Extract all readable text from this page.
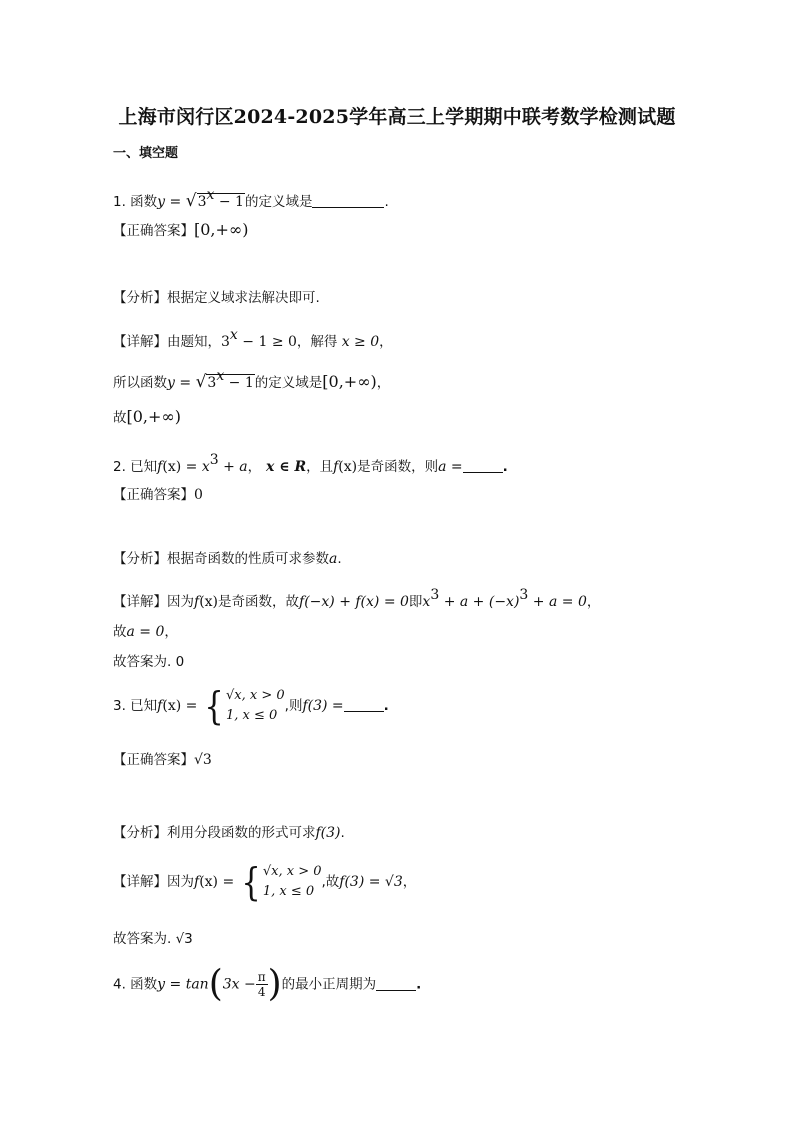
上海市闵行区2024-2025学年高三上学期期中联考数学检测试题
一、填空题
1. 函数$y = √3^x - 1$的定义域是	.
【正确答案】[0,+∞)
【分析】根据定义域求法解决即可.
【详解】由题知，$3^x - 1 \ge 0$，解得 x ≥ 0，
所以函数$y = √3^x - 1$的定义域是[0,+∞)，
故[0,+∞)
2. 已知$f(x) = x^3 + a$， x ∈ R，且f(x)是奇函数，则a =	.
【正确答案】0
【分析】根据奇函数的性质可求参数a.
【详解】因为f(x)是奇函数，故f(−x) + f(x) = 0即$x^3 + a + (-x)^3 + a = 0$，
故a = 0，
故答案为. 0
3. 已知f(x) = { √x, x > 0
1, x ≤ 0
,则f(3) =	.
【正确答案】√3
【分析】利用分段函数的形式可求f(3).
【详解】因为f(x) = { √x, x > 0
1, x ≤ 0
,故f(3) = √3，
故答案为. √3
4. 函数$y = \tan(3x - \frac{\pi}{4}$ )的最小正周期为	.
